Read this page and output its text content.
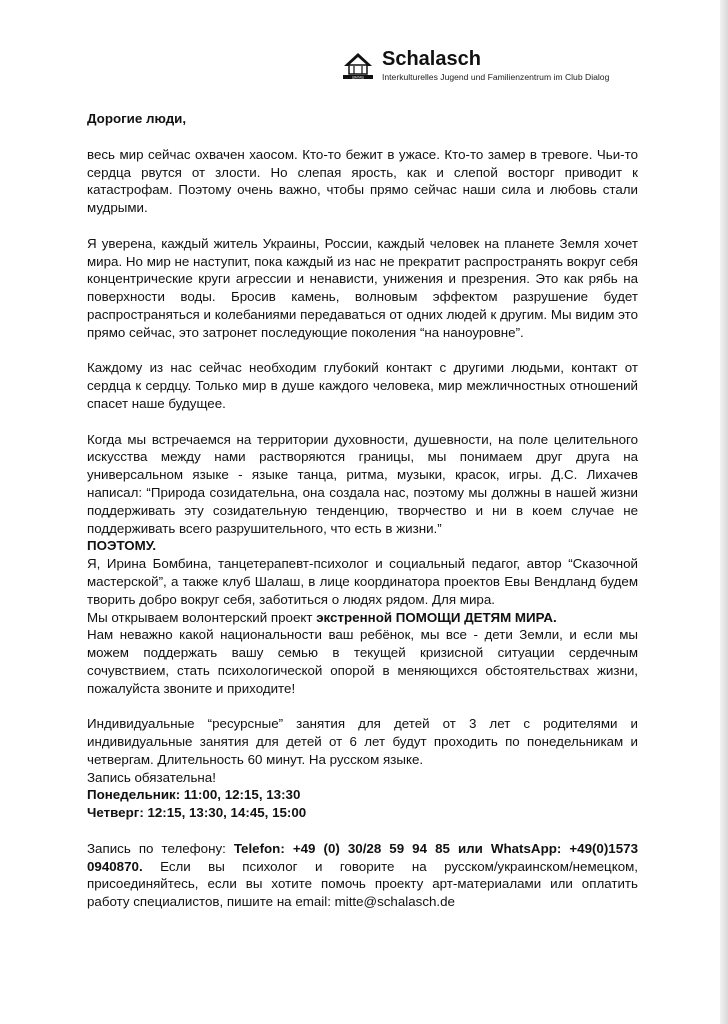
ШАЛАШ
Schalasch
Interkulturelles Jugend und Familienzentrum im Club Dialog

Дорогие люди,

весь мир сейчас охвачен хаосом. Кто-то бежит в ужасе. Кто-то замер в тревоге. Чьи-то сердца рвутся от злости. Но слепая ярость, как и слепой восторг приводит к катастрофам. Поэтому очень важно, чтобы прямо сейчас наши сила и любовь стали мудрыми.

Я уверена, каждый житель Украины, России, каждый человек на планете Земля хочет мира. Но мир не наступит, пока каждый из нас не прекратит распространять вокруг себя концентрические круги агрессии и ненависти, унижения и презрения. Это как рябь на поверхности воды. Бросив камень, волновым эффектом разрушение будет распространяться и колебаниями передаваться от одних людей к другим. Мы видим это прямо сейчас, это затронет последующие поколения “на наноуровне”.

Каждому из нас сейчас необходим глубокий контакт с другими людьми, контакт от сердца к сердцу. Только мир в душе каждого человека, мир межличностных отношений спасет наше будущее.

Когда мы встречаемся на территории духовности, душевности, на поле целительного искусства между нами растворяются границы, мы понимаем друг друга на универсальном языке - языке танца, ритма, музыки, красок, игры. Д.С. Лихачев написал: “Природа созидательна, она создала нас, поэтому мы должны в нашей жизни поддерживать эту созидательную тенденцию, творчество и ни в коем случае не поддерживать всего разрушительного, что есть в жизни.”

ПОЭТОМУ.

Я, Ирина Бомбина, танцетерапевт-психолог и социальный педагог, автор “Сказочной мастерской”, а также клуб Шалаш, в лице координатора проектов Евы Вендланд будем творить добро вокруг себя, заботиться о людях рядом. Для мира.

Мы открываем волонтерский проект экстренной ПОМОЩИ ДЕТЯМ МИРА.

Нам неважно какой национальности ваш ребёнок, мы все - дети Земли, и если мы можем поддержать вашу семью в текущей кризисной ситуации сердечным сочувствием, стать психологической опорой в меняющихся обстоятельствах жизни, пожалуйста звоните и приходите!

Индивидуальные “ресурсные” занятия для детей от 3 лет с родителями и индивидуальные занятия для детей от 6 лет будут проходить по понедельникам и четвергам. Длительность 60 минут. На русском языке.

Запись обязательна!

Понедельник: 11:00, 12:15, 13:30

Четверг: 12:15, 13:30, 14:45, 15:00

Запись по телефону: Telefon: +49 (0) 30/28 59 94 85 или WhatsApp: +49(0)1573 0940870. Если вы психолог и говорите на русском/украинском/немецком, присоединяйтесь, если вы хотите помочь проекту арт-материалами или оплатить работу специалистов, пишите на email: mitte@schalasch.de
